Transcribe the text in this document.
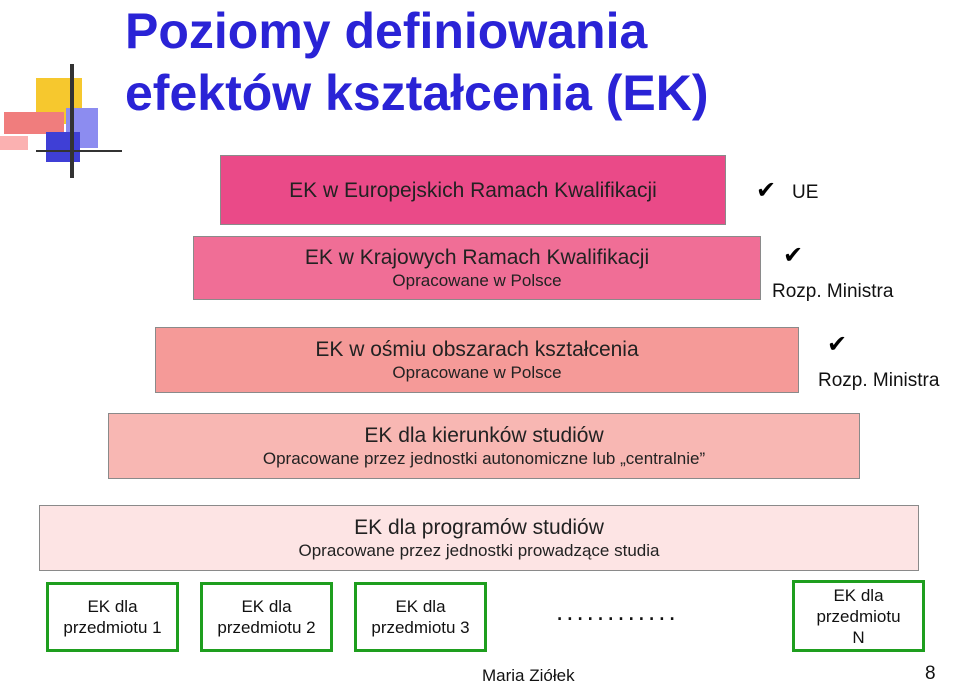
Poziomy definiowania
efektów kształcenia (EK)
EK w Europejskich Ramach Kwalifikacji	✔ UE
EK w Krajowych Ramach Kwalifikacji
Opracowane w Polsce
✔
Rozp. Ministra
EK w ośmiu obszarach kształcenia
Opracowane w Polsce
✔
Rozp. Ministra
EK dla kierunków studiów
Opracowane przez jednostki autonomiczne lub „centralnie”
EK dla programów studiów
Opracowane przez jednostki prowadzące studia
EK dla
przedmiotu 1
EK dla
przedmiotu 2
EK dla
przedmiotu 3
............
EK dla
przedmiotu
N
Maria Ziółek	8
